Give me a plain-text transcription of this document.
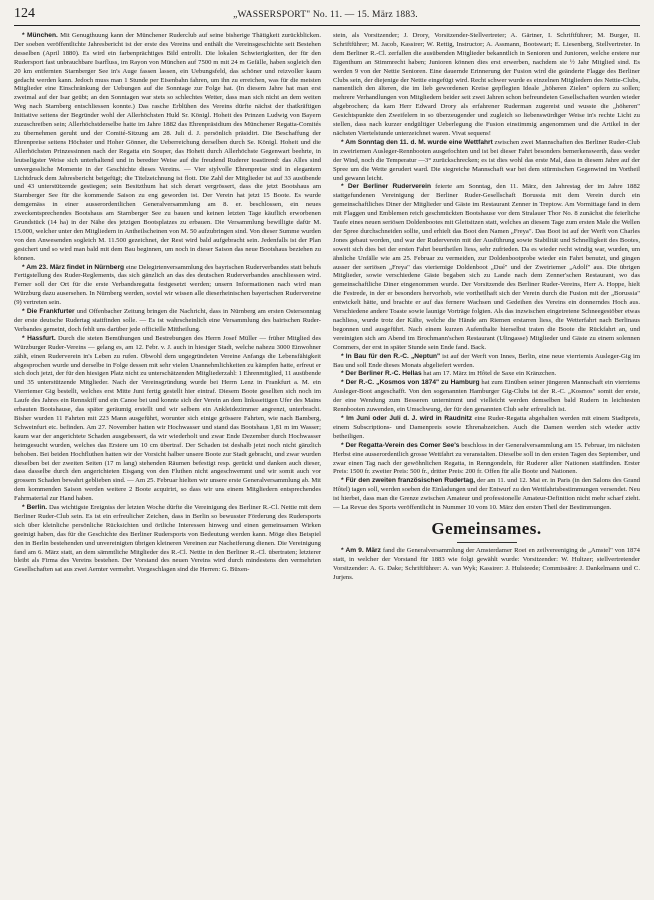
124	„WASSERSPORT" No. 11. — 15. März 1883.

* München. Mit Genugthuung kann der Münchener Ruderclub auf seine bisherige Thätigkeit zurückblicken. Der soeben veröffentlichte Jahresbericht ist der erste des Vereins und enthält die Vereinsgeschichte seit Bestehen desselben (April 1880). Es wird ein farbenprächtiges Bild entrollt. Die lokalen Schwierigkeiten, der für den Rudersport fast unbrauchbare Isarfluss, im Rayon von München auf 7500 m mit 24 m Gefälle, haben sogleich den 20 km entfernten Starnberger See in's Auge fassen lassen, ein Uebungsfeld, das schöner und reizvoller kaum gedacht werden kann. Jedoch muss man 1 Stunde per Eisenbahn fahren, um ihn zu erreichen, was für die meisten Mitglieder eine Einschränkung der Uebungen auf die Sonntage zur Folge hat. (In diesem Jahre hat man erst zweimal auf der Isar geübt; an den Sonntagen war stets so schlechtes Wetter, dass man sich nicht an dem weiten Weg nach Starnberg entschliessen konnte.) Das rasche Erblühen des Vereins dürfte nächst der thatkräftigen Initiative seitens der Begründer wohl der Allerhöchsten Huld Sr. Königl. Hoheit des Prinzen Ludwig von Bayern zuzuschreiben sein; Allerhöchstderselbe hatte im Jahre 1882 das Ehrenpräsidium des Münchener Regatta-Comités zu übernehmen geruht und der Comité-Sitzung am 28. Juli d. J. persönlich präsidirt. Die Beschaffung der Ehrenpreise seitens Höchster und Hoher Gönner, die Ueberreichung derselben durch Se. Königl. Hoheit und die Allerhöchsten Prinzessinnen nach der Regatta ein Souper, das Hoheit durch Allerhöchste Gegenwart beehrte, in leutseligster Weise sich unterhaltend und in beredter Weise auf die freudend Ruderer toastirend: das Alles sind unvergessliche Momente in der Geschichte dieses Vereins. — Vier stylvolle Ehrenpreise sind in elegantem Lichtdruck dem Jahresbericht beigefügt; die Titelzeichnung ist flott. Die Zahl der Mitglieder ist auf 33 ausübende und 43 unterstützende gestiegen; sein Besitzthum hat sich derart vergrössert, dass die jetzt Bootshaus am Starnberger See für die kommende Saison zu eng geworden ist. Der Verein hat jetzt 15 Boote. Es wurde demgemäss in einer ausserordentlichen Generalversammlung am 8. er. beschlossen, ein neues zweckentsprechendes Bootshaus am Starnberger See zu bauen und keinen letzten Tage käuflich erworbenen Grundstück (14 ha) in der Nähe des jetzigen Bootsplatzes zu erbauen. Die Versammlung bewilligte dafür M. 15.000, welcher unter den Mitgliedern in Antheilscheinen von M. 50 aufzubringen sind. Von dieser Summe wurden von den Anwesenden sogleich M. 11.500 gezeichnet, der Rest wird bald aufgebracht sein. Jedenfalls ist der Plan gesichert und so wird man bald mit dem Bau beginnen, um noch in dieser Saison das neue Bootshaus beziehen zu können.

* Am 23. März findet in Nürnberg eine Delegirtenversammlung des bayrischen Ruderverbandes statt behufs Fertigstellung des Ruder-Reglements, das sich gänzlich an das des deutschen Ruderverbandes anschliessen wird. Ferner soll der Ort für die erste Verbandsregatta festgesetzt werden; unsern Informationen nach wird man Würzburg dazu ausersehen. In Nürnberg werden, soviel wir wissen alle dieserheinischen bayerischen Rudervereine (9) vertreten sein.

* Die Frankfurter und Offenbacher Zeitung bringen die Nachricht, dass in Nürnberg am ersten Ostersonntag der erste deutsche Rudertag stattfinden solle. — Es ist wahrscheinlich eine Versammlung des bairischen Ruder-Verbandes gemeint, doch fehlt uns darüber jede officielle Mittheilung.

* Hassfurt. Durch die steten Bemühungen und Bestrebungen des Herrn Josef Müller — früher Mitglied des Würzburger Ruder-Vereins — gelang es, am 12. Febr. v. J. auch in hiesiger Stadt, welche nahezu 3000 Einwohner zählt, einen Ruderverein in's Leben zu rufen. Obwohl dem ungegründeten Vereine Anfangs die Lebensfähigkeit abgesprochen wurde und derselbe in Folge dessen mit sehr vielen Unannehmlichkeiten zu kämpfen hatte, erfreut er sich doch jetzt, der für den hiesigen Platz nicht zu unterschätzenden Mitgliederzahl: 1 Ehrenmitglied, 11 ausübende und 35 unterstützende Mitglieder. Nach der Vereinsgründung wurde bei Herrn Lenz in Frankfurt a. M. ein Vierriemer Gig bestellt, welches erst Mitte Juni fertig gestellt hier eintraf. Diesem Boote gesellten sich noch im Laufe des Jahres ein Rennskiff und ein Canoe bei und konnte sich der Verein an dem linksseitigen Ufer des Mains erbauten Bootshause, das später geräumig erstellt und wir selbem ein Ankleidezimmer angrenzt, unterbracht. Bisher wurden 11 Fahrten mit 223 Mann ausgeführt, worunter sich einige grössere Fahrten, wie nach Bamberg, Schweinfurt etc. befinden. Am 27. November hatten wir Hochwasser und stand das Bootshaus 1,81 m im Wasser; kaum war der angerichtete Schaden ausgebessert, da wir wiederholt und zwar Ende Dezember durch Hochwasser heimgesucht wurden, welches das Erstere um 10 cm übertraf. Der Schaden ist deshalb jetzt noch nicht gänzlich behoben. Bei beiden Hochfluthen hatten wir der Vorsicht halber unsere Boote zur Stadt gebracht, und zwar wurden dieselben bei der zweiten Seiten (17 m lang) stehenden Räumen befestigt resp. gerückt und danken auch dieser, dass dasselbe durch den angerichteten Eisgang von den Fluthen nicht angeschwemmt und wir somit auch vor grossem Schaden bewahrt geblieben sind. — Am 25. Februar hielten wir unsere erste Generalversammlung ab. Mit dem kommenden Saison werden weitere 2 Boote acquirirt, so dass wir uns einem Mitgliedern entsprechendes Fahrmaterial zur Hand haben.

* Berlin. Das wichtigste Ereigniss der letzten Woche dürfte die Vereinigung des Berliner R.-Cl. Nettie mit dem Berliner Ruder-Club sein. Es ist ein erfreulicher Zeichen, dass in Berlin so bewusster Förderung des Rudersports sich über kleinliche persönliche Rücksichten und örtliche Interessen hinweg und einen gemeinsamen Wirken geeinigt haben, das für die Geschichte des Berliner Rudersports von Bedeutung werden kann. Möge dies Beispiel den in Berlin bestehenden und unvereinigten übrigen kleineren Vereinen zur Nacheiferung dienen. Die Vereinigung fand am 6. März statt, an dem sämmtliche Mitglieder des R.-Cl. Nettie in den Berliner R.-Cl. übertraten; letzterer bleibt als Firma des Vereins bestehen. Der Vorstand des neuen Vereins wird durch mindestens den vermehrten Gesellschaften sat aus zwei Aemter vermehrt. Vorgeschlagen sind die Herren: G. Büxen-

stein, als Vorsitzender; J. Drory, Vorsitzender-Stellvertreter; A. Gärtner, I. Schriftführer; M. Burger, II. Schriftführer; M. Jacob, Kassirer; W. Rettig, Instructor; A. Assmann, Bootswart; E. Liesenberg, Stellvertreter. In dem Berliner R.-Cl. zerfallen die ausübenden Mitglieder bekanntlich in Senioren und Junioren, welche erstere nur Eigenthum an Stimmrecht haben; Junioren können dies erst erwerben, nachdem sie ½ Jahr Mitglied sind. Es werden 9 von der Nettie Senioren. Eine dauernde Erinnerung der Fusion wird die geänderte Flagge des Berliner Clubs sein, der diejenige der Nettie eingefügt wird. Recht schwer wurde es einzelnen Mitgliedern des Nettie-Clubs, namentlich den älteren, die im lieb gewordenen Kreise gepflegten Ideale „höheren Zielen" opfern zu sollen; mehrere Verhandlungen von Mitgliedern beider seit zwei Jahren schon befreundeten Gesellschaften wurden wieder abgebrochen; da kam Herr Edward Drory als erfahrener Ruderman zugereist und wusste die „höheren" Gesichtspunkte den Zweifelern in so überzeugender und zugleich so liebenswürdiger Weise in's rechte Licht zu stellen, dass nach kurzer endgültiger Ueberlegung die Fusion einstimmig angenommen und die Artikel in der nächsten Viertelstunde unterzeichnet waren. Vivat sequens!

* Am Sonntag den 11. d. M. wurde eine Wettfahrt zwischen zwei Mannschaften des Berliner Ruder-Club in zweiriemen Ausleger-Rennbooten ausgefochten und ist bei dieser Fahrt besonders bemerkenswerth, dass weder der Wind, noch die Temperatur —3° zurückschrecken; es ist dies wohl das erste Mal, dass in diesem Jahre auf der Spree um die Wette gerudert ward. Die siegreiche Mannschaft war bei dem stürmischen Gegenwind im Vortheil und gewann leicht.

* Der Berliner Ruderverein feierte am Sonntag, den 11. März, den Jahrestag der im Jahre 1882 stattgefundenen Vereinigung der Berliner Ruder-Gesellschaft Borussia mit dem Verein durch ein gemeinschaftliches Diner der Mitglieder und Gäste im Restaurant Zenner in Treptow. Am Vormittage fand in dem mit Flaggen und Emblemen reich geschmückten Bootshause vor dem Stralauer Thor No. 8 zunächst die feierliche Taufe eines neuen seriösen Doldenbootes mit Gleitsitzen statt, welches an diesem Tage zum ersten Male die Wellen der Spree durchschneiden sollte, und erhielt das Boot den Namen „Freya". Das Boot ist auf der Werft von Charles Jones gebaut worden, und war der Ruderverein mit der Ausführung sowie Stabilität und Schnelligkeit des Bootes, soweit sich dies bei der ersten Fahrt beurtheilen liess, sehr zufrieden. Da es wieder recht windig war, wurden, um ähnliche Unfälle wie am 25. Februar zu vermeiden, zur Doldenbootprobe wieder ein Fahrt benutzt, und gingen ausser der seriösen „Freya" das vieriemige Doldenboot „Dué" und der Zweiriemer „Adolf" aus. Die übrigen Mitglieder, sowie verschiedene Gäste begaben sich zu Lande nach dem Zenner'schen Restaurant, wo das gemeinschaftliche Diner eingenommen wurde. Der Vorsitzende des Berliner Ruder-Vereins, Herr A. Hoppe, hielt die Festrede, in der er besonders hervorhob, wie vortheilhaft sich der Verein durch die Fusion mit der „Borussia" entwickelt hätte, und brachte er auf das fernere Wachsen und Gedeihen des Vereins ein donnerndes Hoch aus. Verschiedene andere Toaste sowie launige Vorträge folgten. Als das inzwischen eingetretene Schneegestöber etwas nachliess, wurde trotz der Kälte, welche die Hände am Riemen erstarren liess, die Wetterfahrt nach Berlinaus begonnen und ausgeführt. Nach einem kurzen Aufenthalte hierselbst traten die Boote die Rückfahrt an, und vereinigten sich am Abend im Brochmann'schen Restaurant (Ulingasse) Mitglieder und Gäste zu einem solennen Commers, der erst in später Stunde sein Ende fand. Back.

* In Bau für den R.-C. „Neptun" ist auf der Werft von Innes, Berlin, eine neue vierriemis Ausleger-Gig im Bau und soll Ende dieses Monats abgeliefert werden.

* Der Berliner R.-C. Hellas hat am 17. März im Hôtel de Saxe ein Kränzchen.

* Der R.-C. „Kosmos von 1874" zu Hamburg hat zum Einüben seiner jüngeren Mannschaft ein vierriems Ausleger-Boot angeschafft. Von den sogenannten Hamburger Gig-Clubs ist der R.-C. „Kosmos" somit der erste, der eine Wendung zum Besseren unternimmt und vielleicht werden demselben bald Rudern in leichtesten Rennbooten zuwenden, ein Umschwung, der für den genannten Club sehr erfreulich ist.

* Im Juni oder Juli d. J. wird in Raudnitz eine Ruder-Regatta abgehalten werden mit einem Stadtpreis, einem Subscriptions- und Damenpreis sowie Ehrenabzeichen. Auch die Damen werden sich wieder activ betheiligen.

* Der Regatta-Verein des Comer See's beschloss in der Generalversammlung am 15. Februar, im nächsten Herbst eine ausserordentlich grosse Wettfahrt zu veranstalten. Dieselbe soll in den ersten Tagen des September, und zwar einen Tag nach der gewöhnlichen Regatta, in Renngondeln, für Ruderer aller Nationen stattfinden. Erster Preis: 1500 fr. zweiter Preis: 500 fr., dritter Preis: 200 fr. Offen für alle Boote und Nationen.

* Für den zweiten französischen Rudertag, der am 11. und 12. Mai er. in Paris (in den Salons des Grand Hôtel) tagen soll, werden soeben die Einladungen und der Entwurf zu den Wettfahrtsbestimmungen versendet. Neu ist hierbei, dass man die Grenze zwischen Amateur und professionelle Amateur-Definition nicht mehr scharf zieht. — La Revue des Sports veröffentlicht in Nummer 10 vom 10. März den ersten Theil der Bestimmungen.

Gemeinsames.

* Am 9. März fand die Generalversammlung der Amsterdamer Roei en zeilvereeniging de „Amstel" von 1874 statt, in welcher der Vorstand für 1883 wie folgt gewählt wurde: Vorsitzender: W. Hultzer; stellvertretender Vorsitzender: A. G. Dake; Schriftführer: A. van Wyk; Kassirer: J. Hulsteede; Commissäre: J. Dankelmann und C. Jurjens.
